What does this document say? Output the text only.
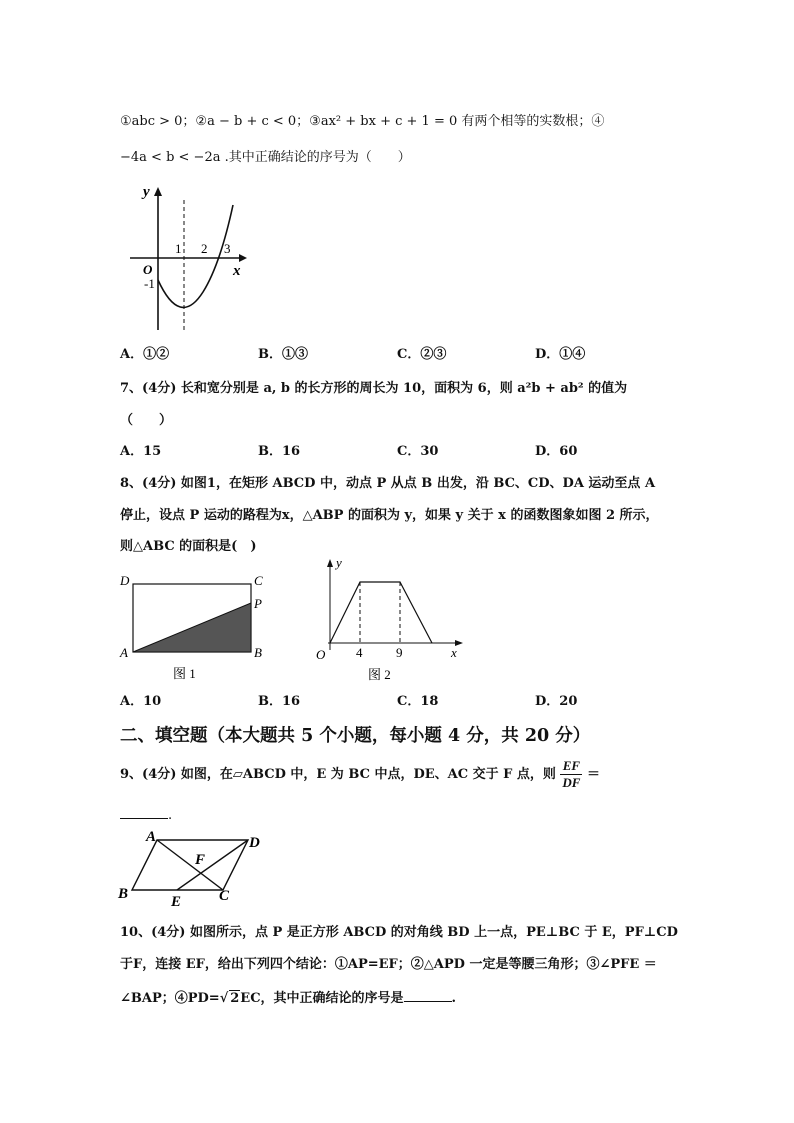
①abc > 0；②a − b + c < 0；③ax² + bx + c + 1 = 0 有两个相等的实数根；④
−4a < b < −2a .其中正确结论的序号为（　　）
y
x
O
1 2 3
-1
A．①②	B．①③	C．②③	D．①④
7、(4分) 长和宽分别是 a, b 的长方形的周长为 10，面积为 6，则 a²b + ab² 的值为
（　　）
A．15	B．16	C．30	D．60
8、(4分) 如图1，在矩形 ABCD 中，动点 P 从点 B 出发，沿 BC、CD、DA 运动至点 A
停止，设点 P 运动的路程为x，△ABP 的面积为 y，如果 y 关于 x 的函数图象如图 2 所示，
则△ABC 的面积是(　)
D	C
P
A	B
图 1
y
x
O 4	9
图 2
A．10	B．16	C．18	D．20
二、填空题（本大题共 5 个小题，每小题 4 分，共 20 分）
9、(4分) 如图，在▱ABCD 中，E 为 BC 中点，DE、AC 交于 F 点，则 $\frac{EF}{DF}$ ＝
.
A	D
F
B	E	C
10、(4分) 如图所示，点 P 是正方形 ABCD 的对角线 BD 上一点，PE⊥BC 于 E，PF⊥CD
于F，连接 EF，给出下列四个结论：①AP=EF；②△APD 一定是等腰三角形；③∠PFE ＝
∠BAP；④PD=√ 2EC，其中正确结论的序号是	.
